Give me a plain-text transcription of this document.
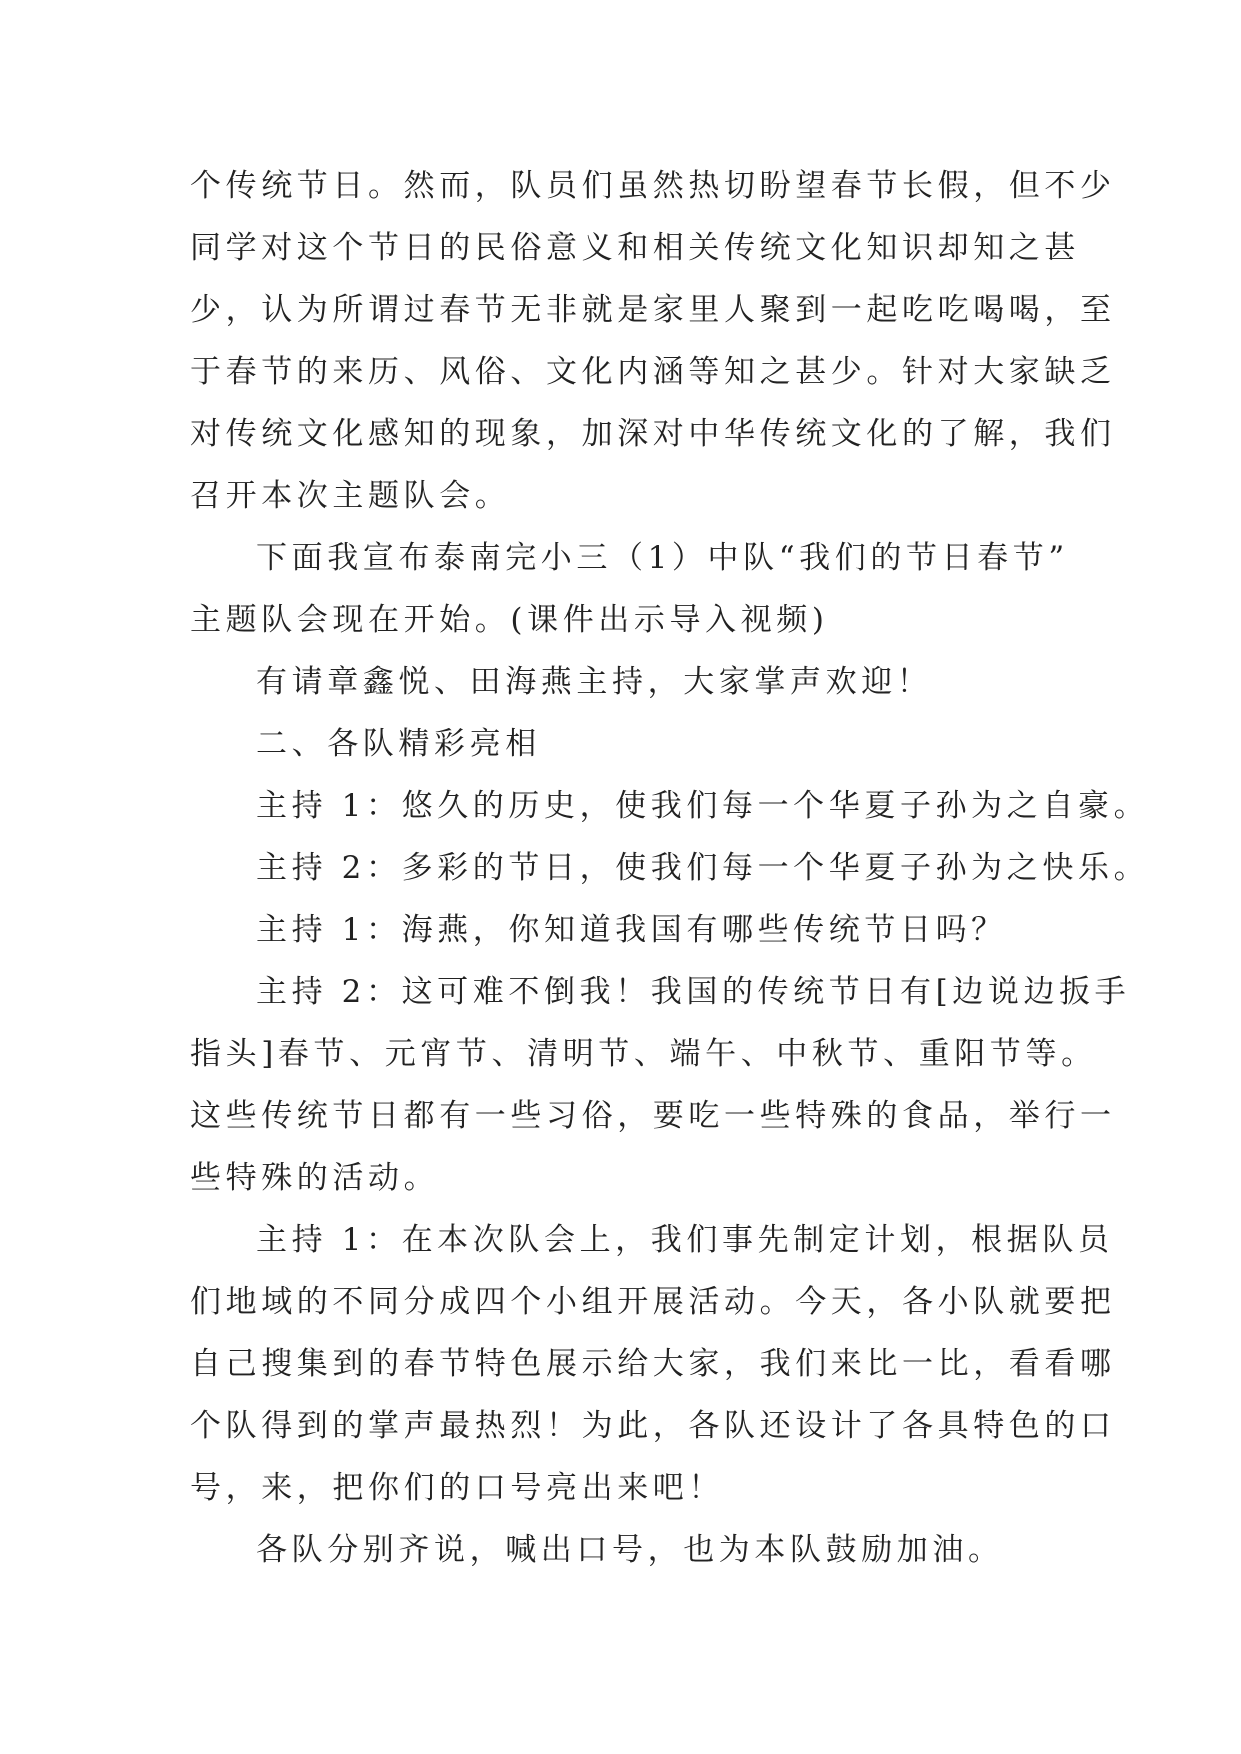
个传统节日。然而，队员们虽然热切盼望春节长假，但不少
同学对这个节日的民俗意义和相关传统文化知识却知之甚
少，认为所谓过春节无非就是家里人聚到一起吃吃喝喝，至
于春节的来历、风俗、文化内涵等知之甚少。针对大家缺乏
对传统文化感知的现象，加深对中华传统文化的了解，我们
召开本次主题队会。
下面我宣布泰南完小三（1）中队“我们的节日春节”
主题队会现在开始。(课件出示导入视频)
有请章鑫悦、田海燕主持，大家掌声欢迎！
二、各队精彩亮相
主持 1：悠久的历史，使我们每一个华夏子孙为之自豪。
主持 2：多彩的节日，使我们每一个华夏子孙为之快乐。
主持 1：海燕，你知道我国有哪些传统节日吗？
主持 2：这可难不倒我！我国的传统节日有[边说边扳手
指头]春节、元宵节、清明节、端午、中秋节、重阳节等。
这些传统节日都有一些习俗，要吃一些特殊的食品，举行一
些特殊的活动。
主持 1：在本次队会上，我们事先制定计划，根据队员
们地域的不同分成四个小组开展活动。今天，各小队就要把
自己搜集到的春节特色展示给大家，我们来比一比，看看哪
个队得到的掌声最热烈！为此，各队还设计了各具特色的口
号，来，把你们的口号亮出来吧！
各队分别齐说，喊出口号，也为本队鼓励加油。
